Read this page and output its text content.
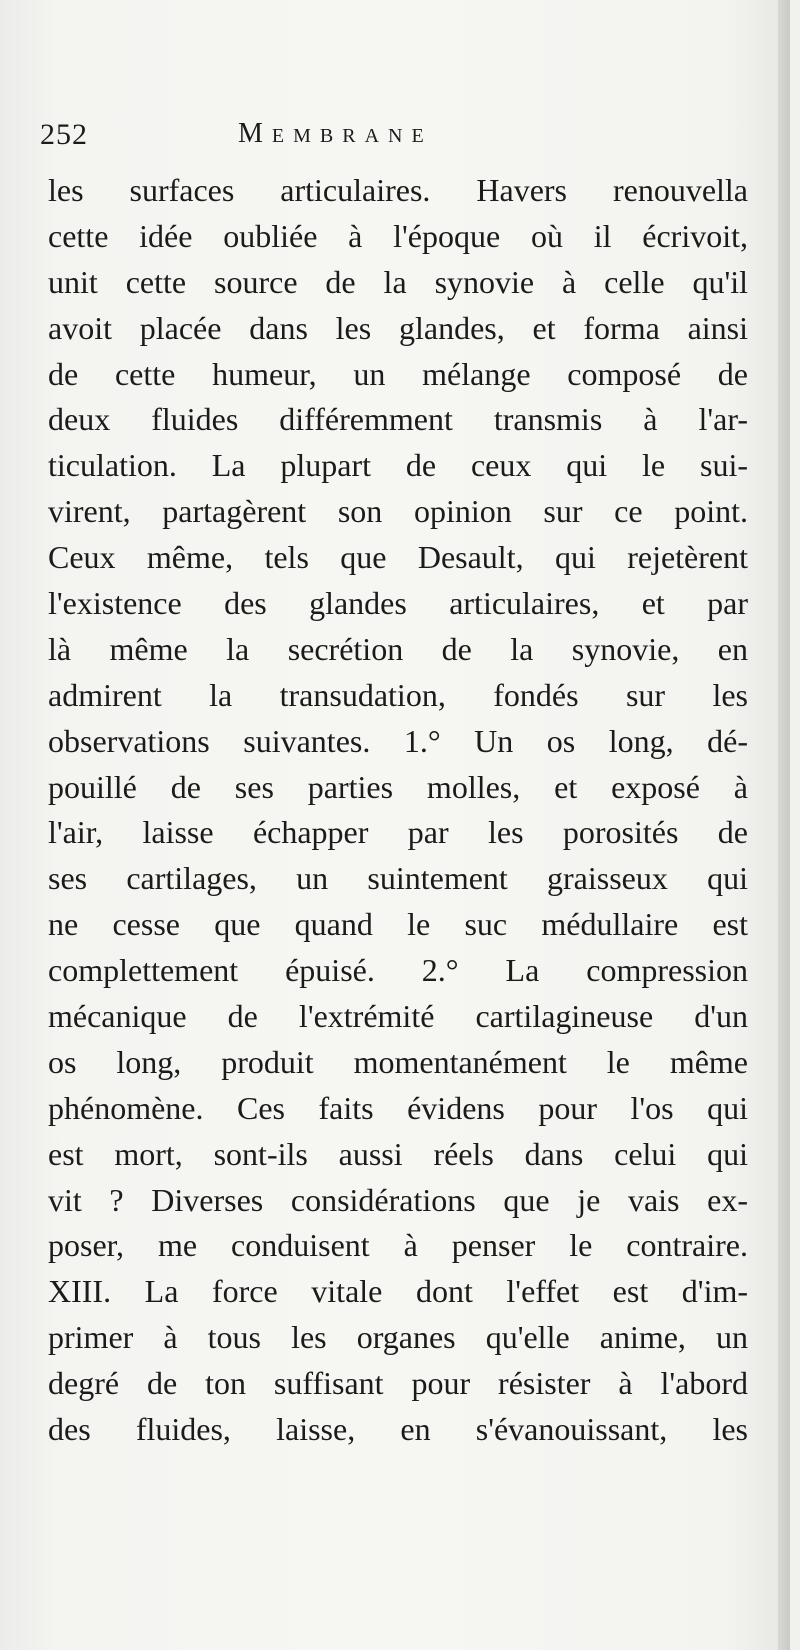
252	Membrane
les surfaces articulaires. Havers renouvella
cette idée oubliée à l'époque où il écrivoit,
unit cette source de la synovie à celle qu'il
avoit placée dans les glandes, et forma ainsi
de cette humeur, un mélange composé de
deux fluides différemment transmis à l'ar-
ticulation. La plupart de ceux qui le sui-
virent, partagèrent son opinion sur ce point.
Ceux même, tels que Desault, qui rejetèrent
l'existence des glandes articulaires, et par
là même la secrétion de la synovie, en
admirent la transudation, fondés sur les
observations suivantes. 1.° Un os long, dé-
pouillé de ses parties molles, et exposé à
l'air, laisse échapper par les porosités de
ses cartilages, un suintement graisseux qui
ne cesse que quand le suc médullaire est
complettement épuisé. 2.° La compression
mécanique de l'extrémité cartilagineuse d'un
os long, produit momentanément le même
phénomène. Ces faits évidens pour l'os qui
est mort, sont-ils aussi réels dans celui qui
vit ? Diverses considérations que je vais ex-
poser, me conduisent à penser le contraire.
XIII. La force vitale dont l'effet est d'im-
primer à tous les organes qu'elle anime, un
degré de ton suffisant pour résister à l'abord
des fluides, laisse, en s'évanouissant, les
